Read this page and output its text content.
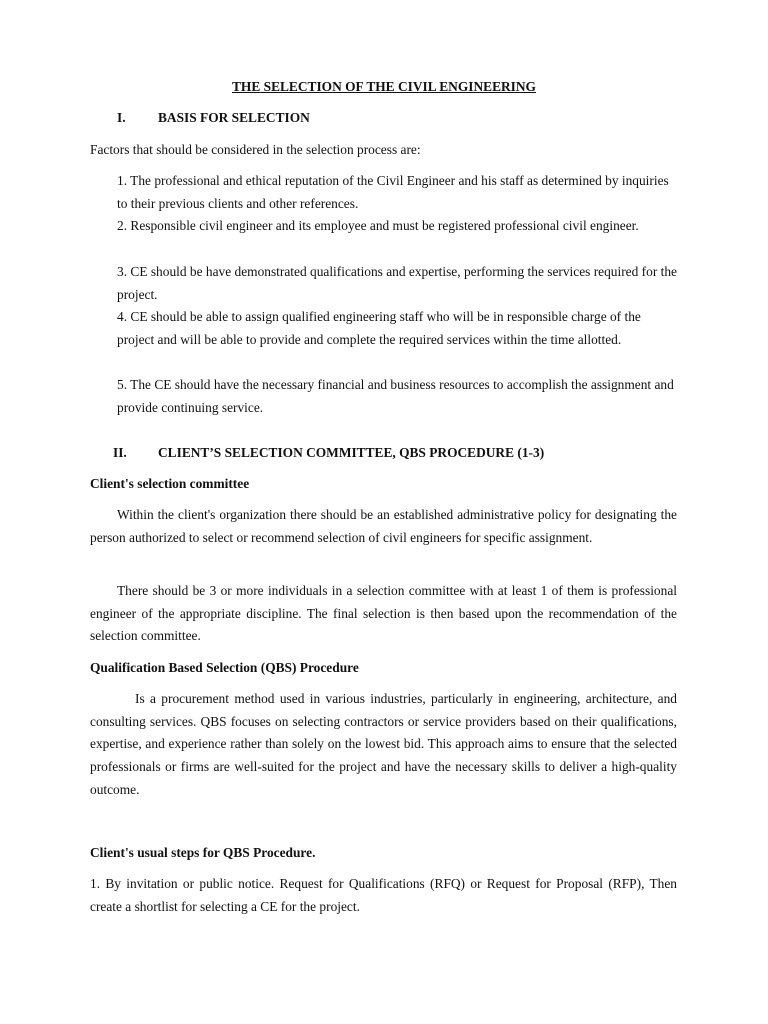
THE SELECTION OF THE CIVIL ENGINEERING

I. BASIS FOR SELECTION

Factors that should be considered in the selection process are:

1. The professional and ethical reputation of the Civil Engineer and his staff as determined by inquiries to their previous clients and other references.

2. Responsible civil engineer and its employee and must be registered professional civil engineer.

3. CE should be have demonstrated qualifications and expertise, performing the services required for the project.

4. CE should be able to assign qualified engineering staff who will be in responsible charge of the project and will be able to provide and complete the required services within the time allotted.

5. The CE should have the necessary financial and business resources to accomplish the assignment and provide continuing service.

II. CLIENT’S SELECTION COMMITTEE, QBS PROCEDURE (1-3)

Client's selection committee

Within the client's organization there should be an established administrative policy for designating the person authorized to select or recommend selection of civil engineers for specific assignment.

There should be 3 or more individuals in a selection committee with at least 1 of them is professional engineer of the appropriate discipline. The final selection is then based upon the recommendation of the selection committee.

Qualification Based Selection (QBS) Procedure

Is a procurement method used in various industries, particularly in engineering, architecture, and consulting services. QBS focuses on selecting contractors or service providers based on their qualifications, expertise, and experience rather than solely on the lowest bid. This approach aims to ensure that the selected professionals or firms are well-suited for the project and have the necessary skills to deliver a high-quality outcome.

Client's usual steps for QBS Procedure.

1. By invitation or public notice. Request for Qualifications (RFQ) or Request for Proposal (RFP), Then create a shortlist for selecting a CE for the project.
